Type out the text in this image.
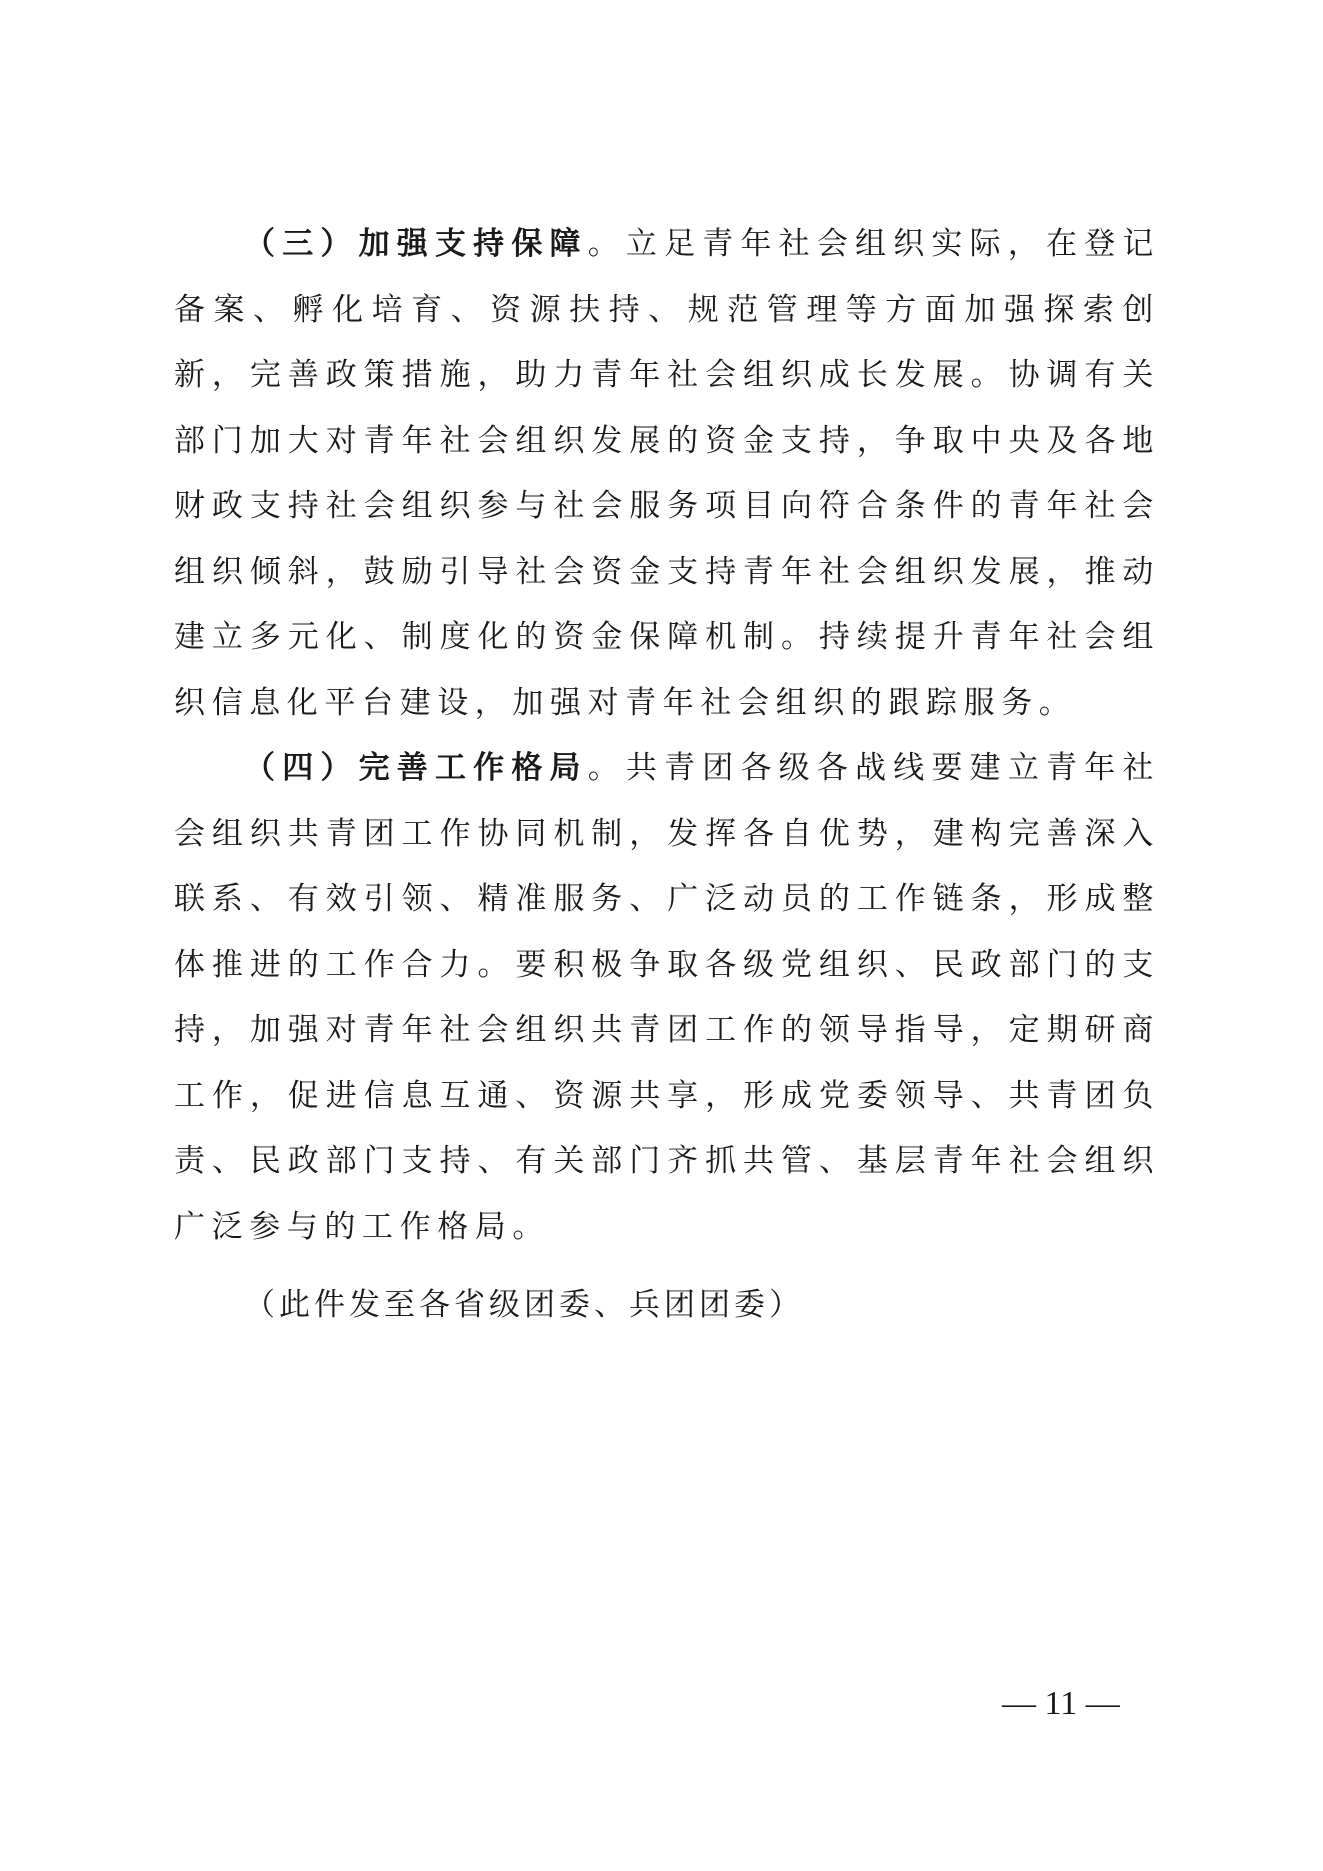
（三）加强支持保障。立足青年社会组织实际，在登记备案、孵化培育、资源扶持、规范管理等方面加强探索创新，完善政策措施，助力青年社会组织成长发展。协调有关部门加大对青年社会组织发展的资金支持，争取中央及各地财政支持社会组织参与社会服务项目向符合条件的青年社会组织倾斜，鼓励引导社会资金支持青年社会组织发展，推动建立多元化、制度化的资金保障机制。持续提升青年社会组织信息化平台建设，加强对青年社会组织的跟踪服务。

（四）完善工作格局。共青团各级各战线要建立青年社会组织共青团工作协同机制，发挥各自优势，建构完善深入联系、有效引领、精准服务、广泛动员的工作链条，形成整体推进的工作合力。要积极争取各级党组织、民政部门的支持，加强对青年社会组织共青团工作的领导指导，定期研商工作，促进信息互通、资源共享，形成党委领导、共青团负责、民政部门支持、有关部门齐抓共管、基层青年社会组织广泛参与的工作格局。

（此件发至各省级团委、兵团团委）
— 11 —
